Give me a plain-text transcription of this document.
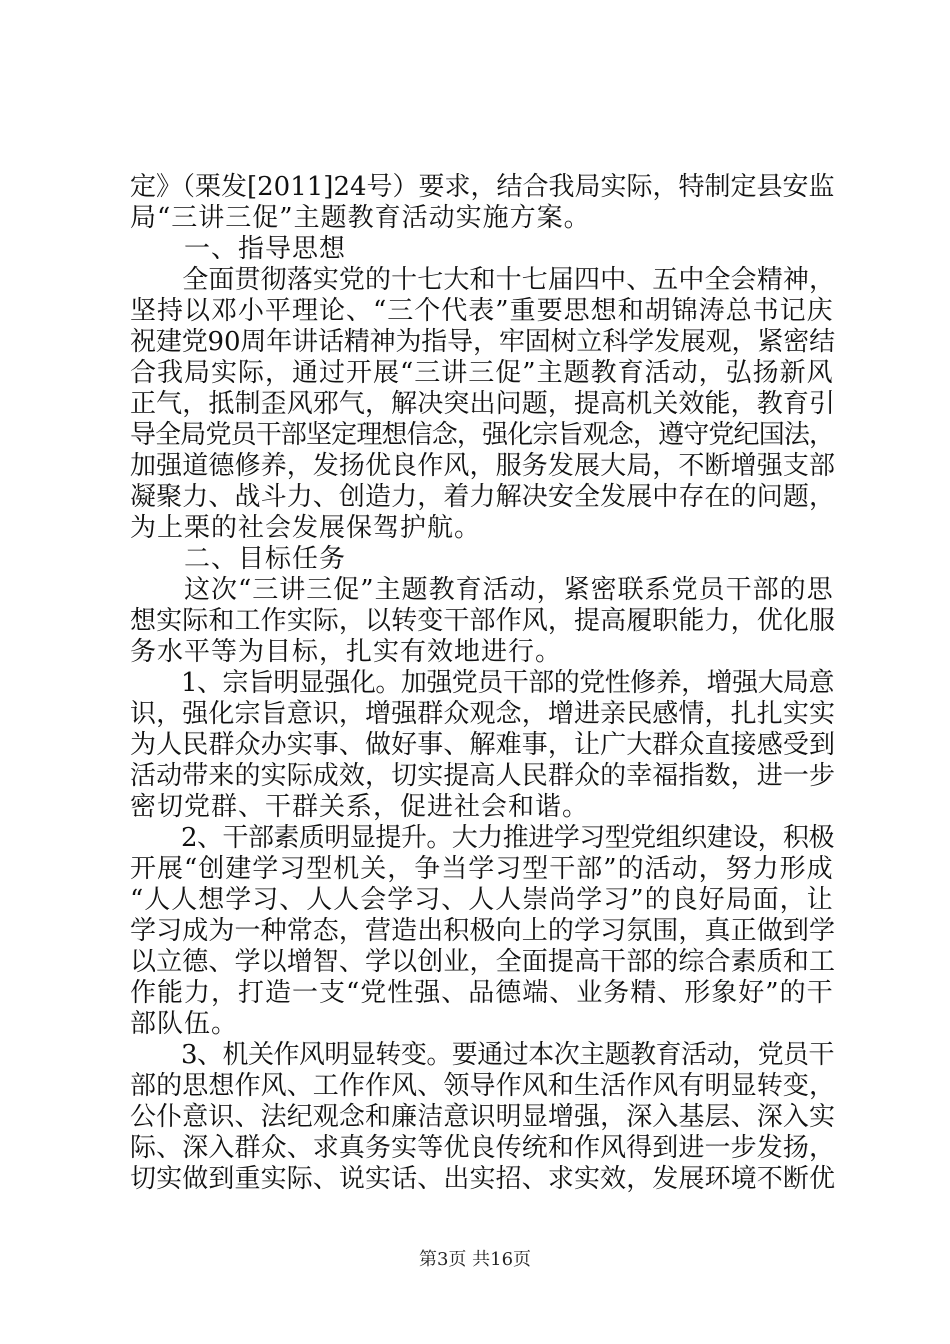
定》（栗发[2011]24号）要求，结合我局实际，特制定县安监
局“三讲三促”主题教育活动实施方案。
　　一、指导思想
　　全面贯彻落实党的十七大和十七届四中、五中全会精神，
坚持以邓小平理论、“三个代表”重要思想和胡锦涛总书记庆
祝建党90周年讲话精神为指导，牢固树立科学发展观，紧密结
合我局实际，通过开展“三讲三促”主题教育活动，弘扬新风
正气，抵制歪风邪气，解决突出问题，提高机关效能，教育引
导全局党员干部坚定理想信念，强化宗旨观念，遵守党纪国法，
加强道德修养，发扬优良作风，服务发展大局，不断增强支部
凝聚力、战斗力、创造力，着力解决安全发展中存在的问题，
为上栗的社会发展保驾护航。
　　二、目标任务
　　这次“三讲三促”主题教育活动，紧密联系党员干部的思
想实际和工作实际，以转变干部作风，提高履职能力，优化服
务水平等为目标，扎实有效地进行。
　　1、宗旨明显强化。加强党员干部的党性修养，增强大局意
识，强化宗旨意识，增强群众观念，增进亲民感情，扎扎实实
为人民群众办实事、做好事、解难事，让广大群众直接感受到
活动带来的实际成效，切实提高人民群众的幸福指数，进一步
密切党群、干群关系，促进社会和谐。
　　2、干部素质明显提升。大力推进学习型党组织建设，积极
开展“创建学习型机关，争当学习型干部”的活动，努力形成
“人人想学习、人人会学习、人人崇尚学习”的良好局面，让
学习成为一种常态，营造出积极向上的学习氛围，真正做到学
以立德、学以增智、学以创业，全面提高干部的综合素质和工
作能力，打造一支“党性强、品德端、业务精、形象好”的干
部队伍。
　　3、机关作风明显转变。要通过本次主题教育活动，党员干
部的思想作风、工作作风、领导作风和生活作风有明显转变，
公仆意识、法纪观念和廉洁意识明显增强，深入基层、深入实
际、深入群众、求真务实等优良传统和作风得到进一步发扬，
切实做到重实际、说实话、出实招、求实效，发展环境不断优
第3页 共16页
